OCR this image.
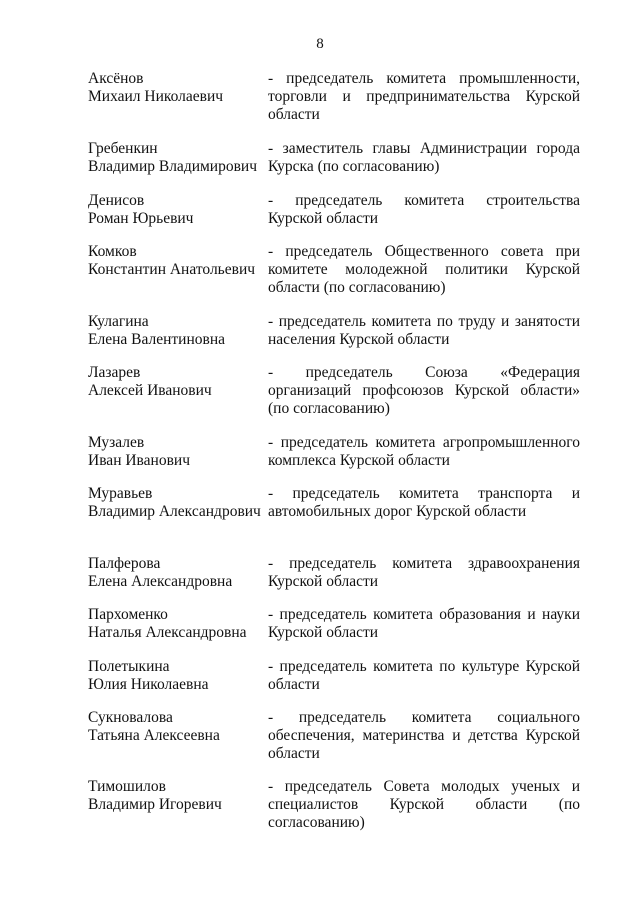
8
Аксёнов
Михаил Николаевич
- председатель комитета промышленности, торговли и предпринимательства Курской области
Гребенкин
Владимир Владимирович
- заместитель главы Администрации города Курска (по согласованию)
Денисов
Роман Юрьевич
- председатель комитета строительства Курской области
Комков
Константин Анатольевич
- председатель Общественного совета при комитете молодежной политики Курской области (по согласованию)
Кулагина
Елена Валентиновна
- председатель комитета по труду и занятости населения Курской области
Лазарев
Алексей Иванович
- председатель Союза «Федерация организаций профсоюзов Курской области» (по согласованию)
Музалев
Иван Иванович
- председатель комитета агропромышленного комплекса Курской области
Муравьев
Владимир Александрович
- председатель комитета транспорта и автомобильных дорог Курской области
Палферова
Елена Александровна
- председатель комитета здравоохранения Курской области
Пархоменко
Наталья Александровна
- председатель комитета образования и науки Курской области
Полетыкина
Юлия Николаевна
- председатель комитета по культуре Курской области
Сукновалова
Татьяна Алексеевна
- председатель комитета социального обеспечения, материнства и детства Курской области
Тимошилов
Владимир Игоревич
- председатель Совета молодых ученых и специалистов Курской области (по согласованию)
